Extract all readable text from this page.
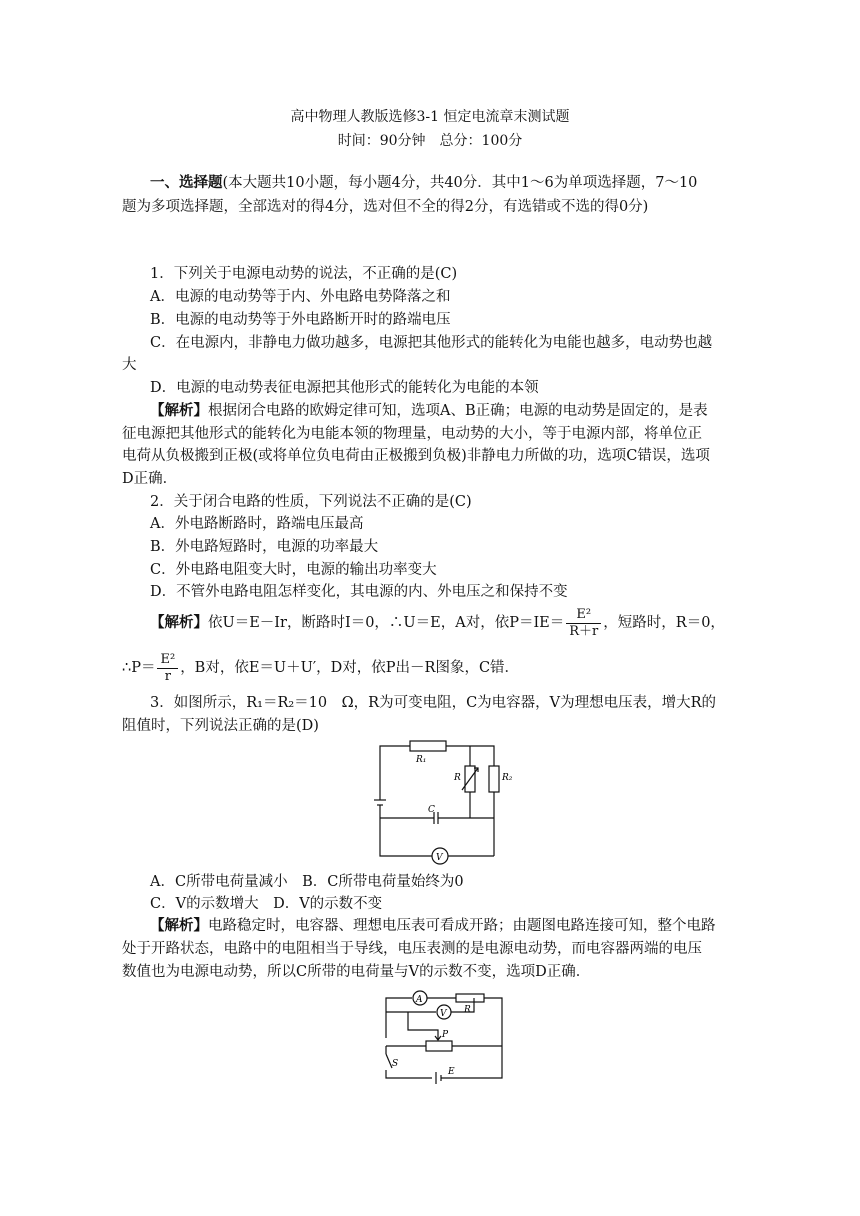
高中物理人教版选修3-1 恒定电流章末测试题
时间：90分钟　总分：100分
一、选择题(本大题共10小题，每小题4分，共40分．其中1～6为单项选择题，7～10
题为多项选择题，全部选对的得4分，选对但不全的得2分，有选错或不选的得0分)
1．下列关于电源电动势的说法，不正确的是(C)
A．电源的电动势等于内、外电路电势降落之和
B．电源的电动势等于外电路断开时的路端电压
C．在电源内，非静电力做功越多，电源把其他形式的能转化为电能也越多，电动势也越
大
D．电源的电动势表征电源把其他形式的能转化为电能的本领
【解析】根据闭合电路的欧姆定律可知，选项A、B正确；电源的电动势是固定的，是表
征电源把其他形式的能转化为电能本领的物理量，电动势的大小，等于电源内部，将单位正
电荷从负极搬到正极(或将单位负电荷由正极搬到负极)非静电力所做的功，选项C错误，选项
D正确．
2．关于闭合电路的性质，下列说法不正确的是(C)
A．外电路断路时，路端电压最高
B．外电路短路时，电源的功率最大
C．外电路电阻变大时，电源的输出功率变大
D．不管外电路电阻怎样变化，其电源的内、外电压之和保持不变
【解析】依U＝E－Ir，断路时I＝0，∴U＝E，A对，依$P=IE= \frac{\text{E²}}{R+r}$ ，短路时，R＝0，
∴P＝ $\frac{\text{E²}}{r}$ ，B对，依E＝U＋U′，D对，依P出－R图象，C错．
3．如图所示，R₁＝R₂＝10　Ω，R为可变电阻，C为电容器，V为理想电压表，增大R的
阻值时，下列说法正确的是(D)
R₁
R	R₂
C
V
A．C所带电荷量减小　B．C所带电荷量始终为0
C．V的示数增大　D．V的示数不变
【解析】电路稳定时，电容器、理想电压表可看成开路；由题图电路连接可知，整个电路
处于开路状态，电路中的电阻相当于导线，电压表测的是电源电动势，而电容器两端的电压
数值也为电源电动势，所以C所带的电荷量与V的示数不变，选项D正确．
A
R
V
P
S
E
